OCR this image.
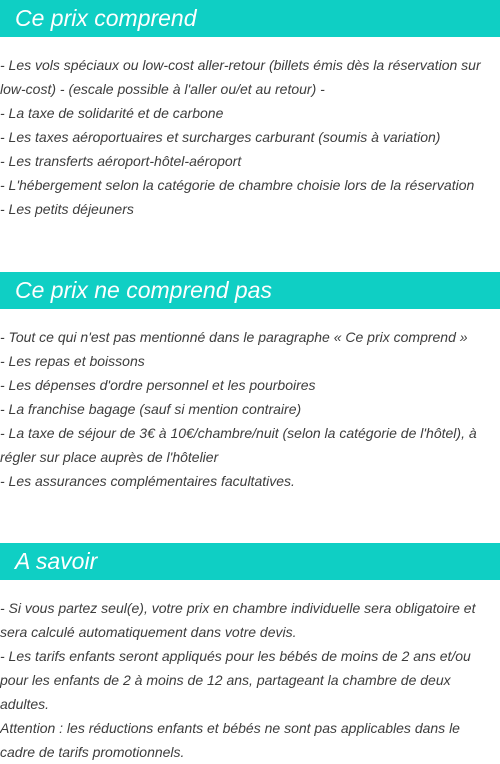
Ce prix comprend

- Les vols spéciaux ou low-cost aller-retour (billets émis dès la réservation sur low-cost) - (escale possible à l'aller ou/et au retour) -

- La taxe de solidarité et de carbone

- Les taxes aéroportuaires et surcharges carburant (soumis à variation)

- Les transferts aéroport-hôtel-aéroport

- L'hébergement selon la catégorie de chambre choisie lors de la réservation

- Les petits déjeuners

Ce prix ne comprend pas

- Tout ce qui n'est pas mentionné dans le paragraphe « Ce prix comprend »

- Les repas et boissons

- Les dépenses d'ordre personnel et les pourboires

- La franchise bagage (sauf si mention contraire)

- La taxe de séjour de 3€ à 10€/chambre/nuit (selon la catégorie de l'hôtel), à régler sur place auprès de l'hôtelier

- Les assurances complémentaires facultatives.

A savoir

- Si vous partez seul(e), votre prix en chambre individuelle sera obligatoire et sera calculé automatiquement dans votre devis.

- Les tarifs enfants seront appliqués pour les bébés de moins de 2 ans et/ou pour les enfants de 2 à moins de 12 ans, partageant la chambre de deux adultes.

Attention : les réductions enfants et bébés ne sont pas applicables dans le cadre de tarifs promotionnels.
